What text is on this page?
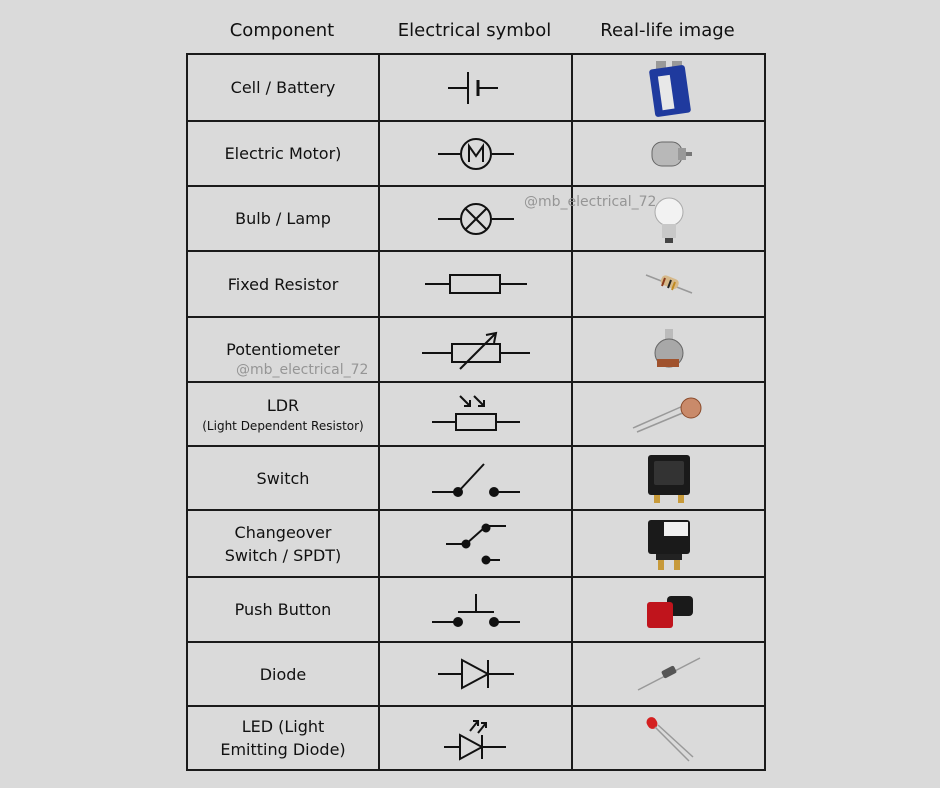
Component	Electrical symbol	Real-life image
Cell / Battery	

Electric Motor)	

Bulb / Lamp	

Fixed Resistor	

Potentiometer	

LDR
(Light Dependent Resistor)

Switch	

Changeover
Switch / SPDT)	

Push Button	

Diode	

LED (Light
Emitting Diode)	

@mb_electrical_72
@mb_electrical_72
